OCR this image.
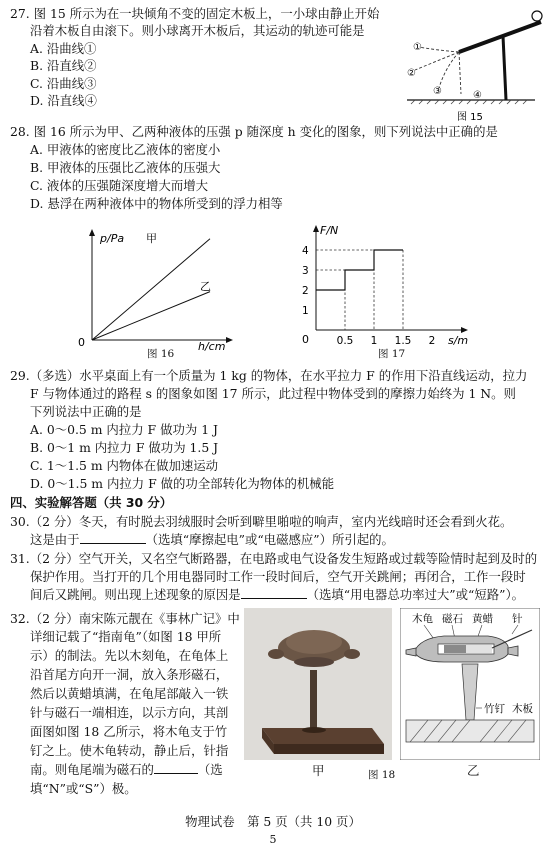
27. 图 15 所示为在一块倾角不变的固定木板上，一小球由静止开始
沿着木板自由滚下。则小球离开木板后，其运动的轨迹可能是
A. 沿曲线①
B. 沿直线②
C. 沿曲线③
D. 沿直线④
①
②
③	④
图 15
28. 图 16 所示为甲、乙两种液体的压强 p 随深度 h 变化的图象，则下列说法中正确的是
A. 甲液体的密度比乙液体的密度小
B. 甲液体的压强比乙液体的压强大
C. 液体的压强随深度增大而增大
D. 悬浮在两种液体中的物体所受到的浮力相等
p/Pa 甲
乙
0	h/cm
图 16
F/N
0
1
2
3
4
0.5 1 1.5 2 s/m
图 17
29.（多选）水平桌面上有一个质量为 1 kg 的物体，在水平拉力 F 的作用下沿直线运动，拉力
F 与物体通过的路程 s 的图象如图 17 所示，此过程中物体受到的摩擦力始终为 1 N。则
下列说法中正确的是
A. 0～0.5 m 内拉力 F 做功为 1 J
B. 0～1 m 内拉力 F 做功为 1.5 J
C. 1～1.5 m 内物体在做加速运动
D. 0～1.5 m 内拉力 F 做的功全部转化为物体的机械能
四、实验解答题（共 30 分）
30.（2 分）冬天，有时脱去羽绒服时会听到噼里啪啦的响声，室内光线暗时还会看到火花。
这是由于	（选填“摩擦起电”或“电磁感应”）所引起的。
31.（2 分）空气开关，又名空气断路器，在电路或电气设备发生短路或过载等险情时起到及时的
保护作用。当打开的几个用电器同时工作一段时间后，空气开关跳闸；再闭合，工作一段时
间后又跳闸。则出现上述现象的原因是	（选填“用电器总功率过大”或“短路”）。
32.（2 分）南宋陈元靓在《事林广记》中
详细记载了“指南龟”（如图 18 甲所
示）的制法。先以木刻龟，在龟体上
沿首尾方向开一洞，放入条形磁石，
然后以黄蜡填满，在龟尾部敲入一铁
针与磁石一端相连，以示方向，其剖
面图如图 18 乙所示，将木龟支于竹
钉之上。使木龟转动，静止后，针指
南。则龟尾端为磁石的	（选
填“N”或“S”）极。
甲
木龟 磁石 黄蜡 针
竹钉 木板
图 18	乙
物理试卷　第 5 页（共 10 页）
5
